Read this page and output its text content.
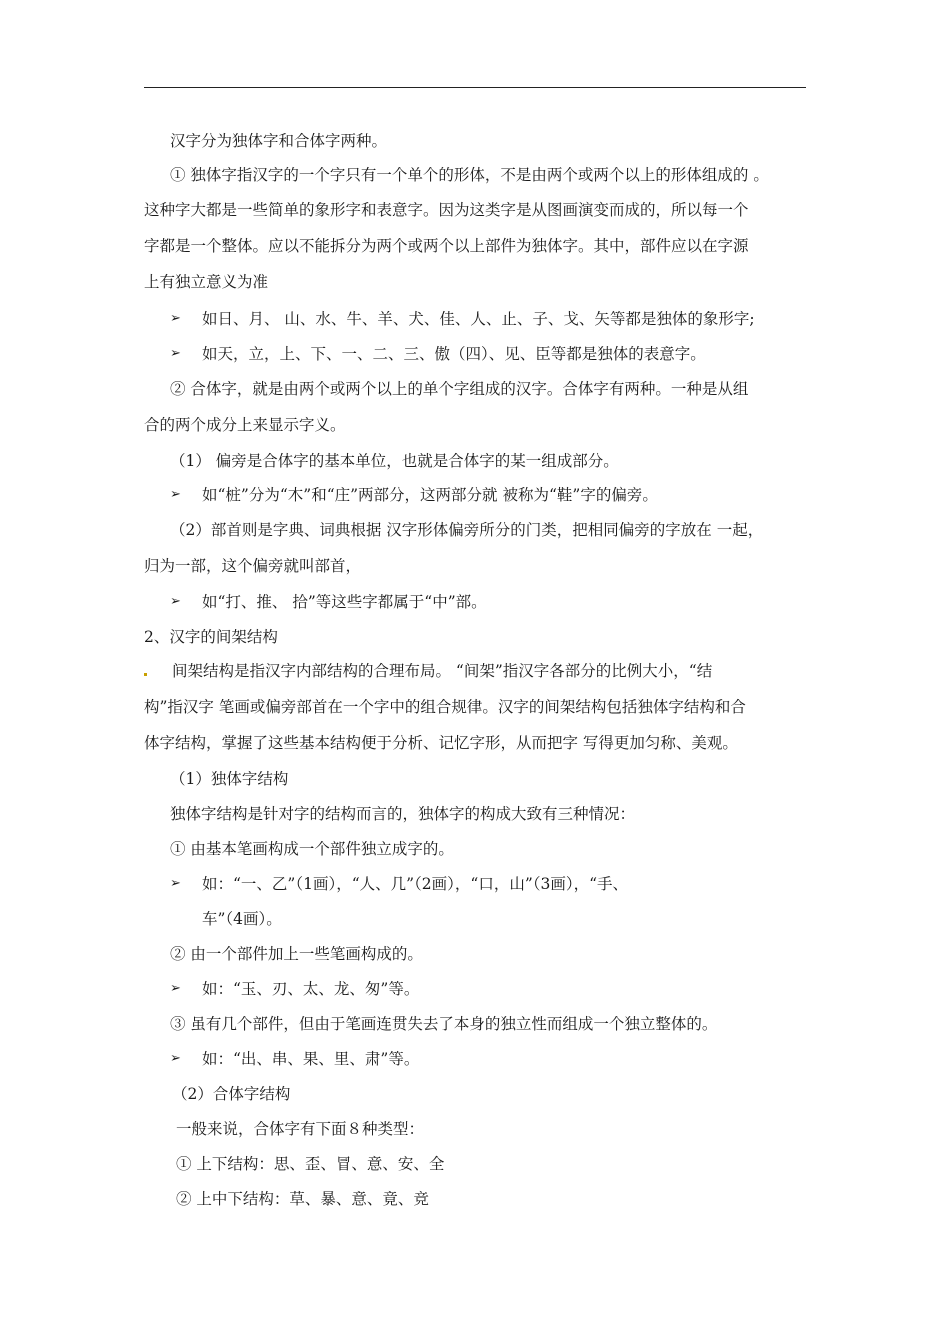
汉字分为独体字和合体字两种。
① 独体字指汉字的一个字只有一个单个的形体，不是由两个或两个以上的形体组成的 。
这种字大都是一些简单的象形字和表意字。因为这类字是从图画演变而成的，所以每一个
字都是一个整体。应以不能拆分为两个或两个以上部件为独体字。其中，部件应以在字源
上有独立意义为准
➢ 如日、月、 山、水、牛、羊、犬、佳、人、止、子、戈、矢等都是独体的象形字;
➢ 如天，立，上、下、一、二、三、傲（四）、见、臣等都是独体的表意字。
② 合体字，就是由两个或两个以上的单个字组成的汉字。合体字有两种。一种是从组
合的两个成分上来显示字义。
（1） 偏旁是合体字的基本单位，也就是合体字的某一组成部分。
➢ 如“桩”分为“木”和“庄”两部分，这两部分就 被称为“鞋”字的偏旁。
（2）部首则是字典、词典根据 汉字形体偏旁所分的门类，把相同偏旁的字放在 一起，
归为一部，这个偏旁就叫部首，
➢ 如“打、推、 拾”等这些字都属于“中”部。
2、汉字的间架结构
间架结构是指汉字内部结构的合理布局。 “间架”指汉字各部分的比例大小，“结
构”指汉字 笔画或偏旁部首在一个字中的组合规律。汉字的间架结构包括独体字结构和合
体字结构，掌握了这些基本结构便于分析、记忆字形，从而把字 写得更加匀称、美观。
（1）独体字结构
独体字结构是针对字的结构而言的，独体字的构成大致有三种情况：
① 由基本笔画构成一个部件独立成字的。
➢ 如：“一、乙”（1画），“人、几”（2画），“口，山”（3画），“手、
车”（4画）。
② 由一个部件加上一些笔画构成的。
➢ 如：“玉、刃、太、龙、匆”等。
③ 虽有几个部件，但由于笔画连贯失去了本身的独立性而组成一个独立整体的。
➢ 如：“出、串、果、里、肃”等。
（2）合体字结构
一般来说，合体字有下面８种类型：
① 上下结构：思、歪、冒、意、安、全
② 上中下结构：草、暴、意、竟、竞
